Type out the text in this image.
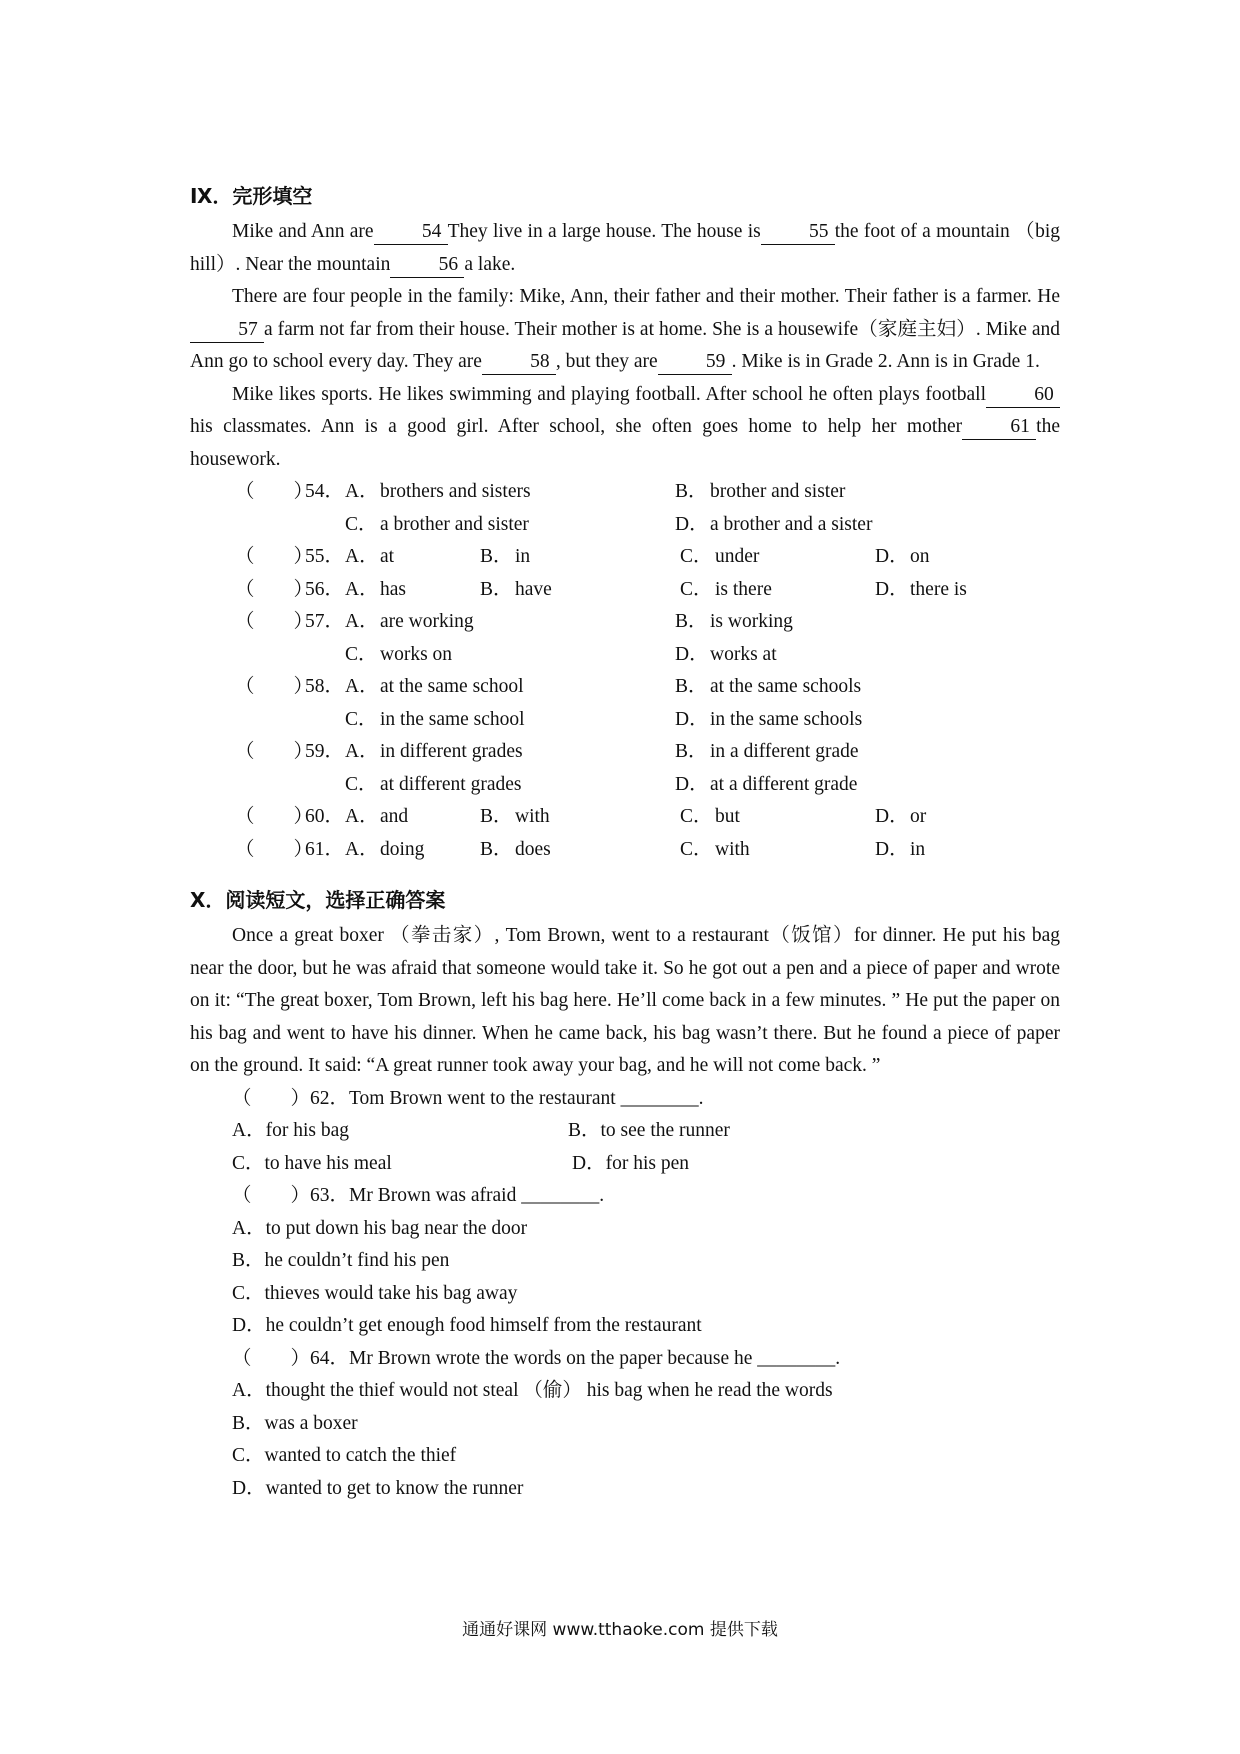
Ⅸ．完形填空

Mike and Ann are 54 They live in a large house. The house is 55 the foot of a mountain （big hill）. Near the mountain 56 a lake.

There are four people in the family: Mike, Ann, their father and their mother. Their father is a farmer. He57 a farm not far from their house. Their mother is at home. She is a housewife（家庭主妇）. Mike and Ann go to school every day. They are 58 , but they are 59 . Mike is in Grade 2. Ann is in Grade 1.

Mike likes sports. He likes swimming and playing football. After school he often plays football 60his classmates. Ann is a good girl. After school, she often goes home to help her mother 61 the housework.

（　　）
54． A． brothers and sisters	B． brother and sister
C． a brother and sister	D． a brother and a sister
（　　）
55． A． at	B． in	C． under	D． on
（　　）
56． A． has	B． have	C． is there	D． there is
（　　）
57． A． are working	B． is working
C． works on	D． works at
（　　）
58． A． at the same school	B． at the same schools
C． in the same school	D． in the same schools
（　　）
59． A． in different grades	B． in a different grade
C． at different grades	D． at a different grade
（　　）
60． A． and	B． with	C． but	D． or
（　　）
61． A． doing	B． does	C． with	D． in
Ⅹ．阅读短文，选择正确答案

Once a great boxer （拳击家）, Tom Brown, went to a restaurant（饭馆）for dinner. He put his bag near the door, but he was afraid that someone would take it. So he got out a pen and a piece of paper and wrote on it: “The great boxer, Tom Brown, left his bag here. He’ll come back in a few minutes. ” He put the paper on his bag and went to have his dinner. When he came back, his bag wasn’t there. But he found a piece of paper on the ground. It said: “A great runner took away your bag, and he will not come back. ”

（　　）62．Tom Brown went to the restaurant ________.
A．for his bag	B．to see the runner
C．to have his meal	D．for his pen
（　　）63．Mr Brown was afraid ________.
A．to put down his bag near the door
B．he couldn’t find his pen
C．thieves would take his bag away
D．he couldn’t get enough food himself from the restaurant
（　　）64．Mr Brown wrote the words on the paper because he ________.
A．thought the thief would not steal （偷） his bag when he read the words
B．was a boxer
C．wanted to catch the thief
D．wanted to get to know the runner
通通好课网 www.tthaoke.com 提供下载
